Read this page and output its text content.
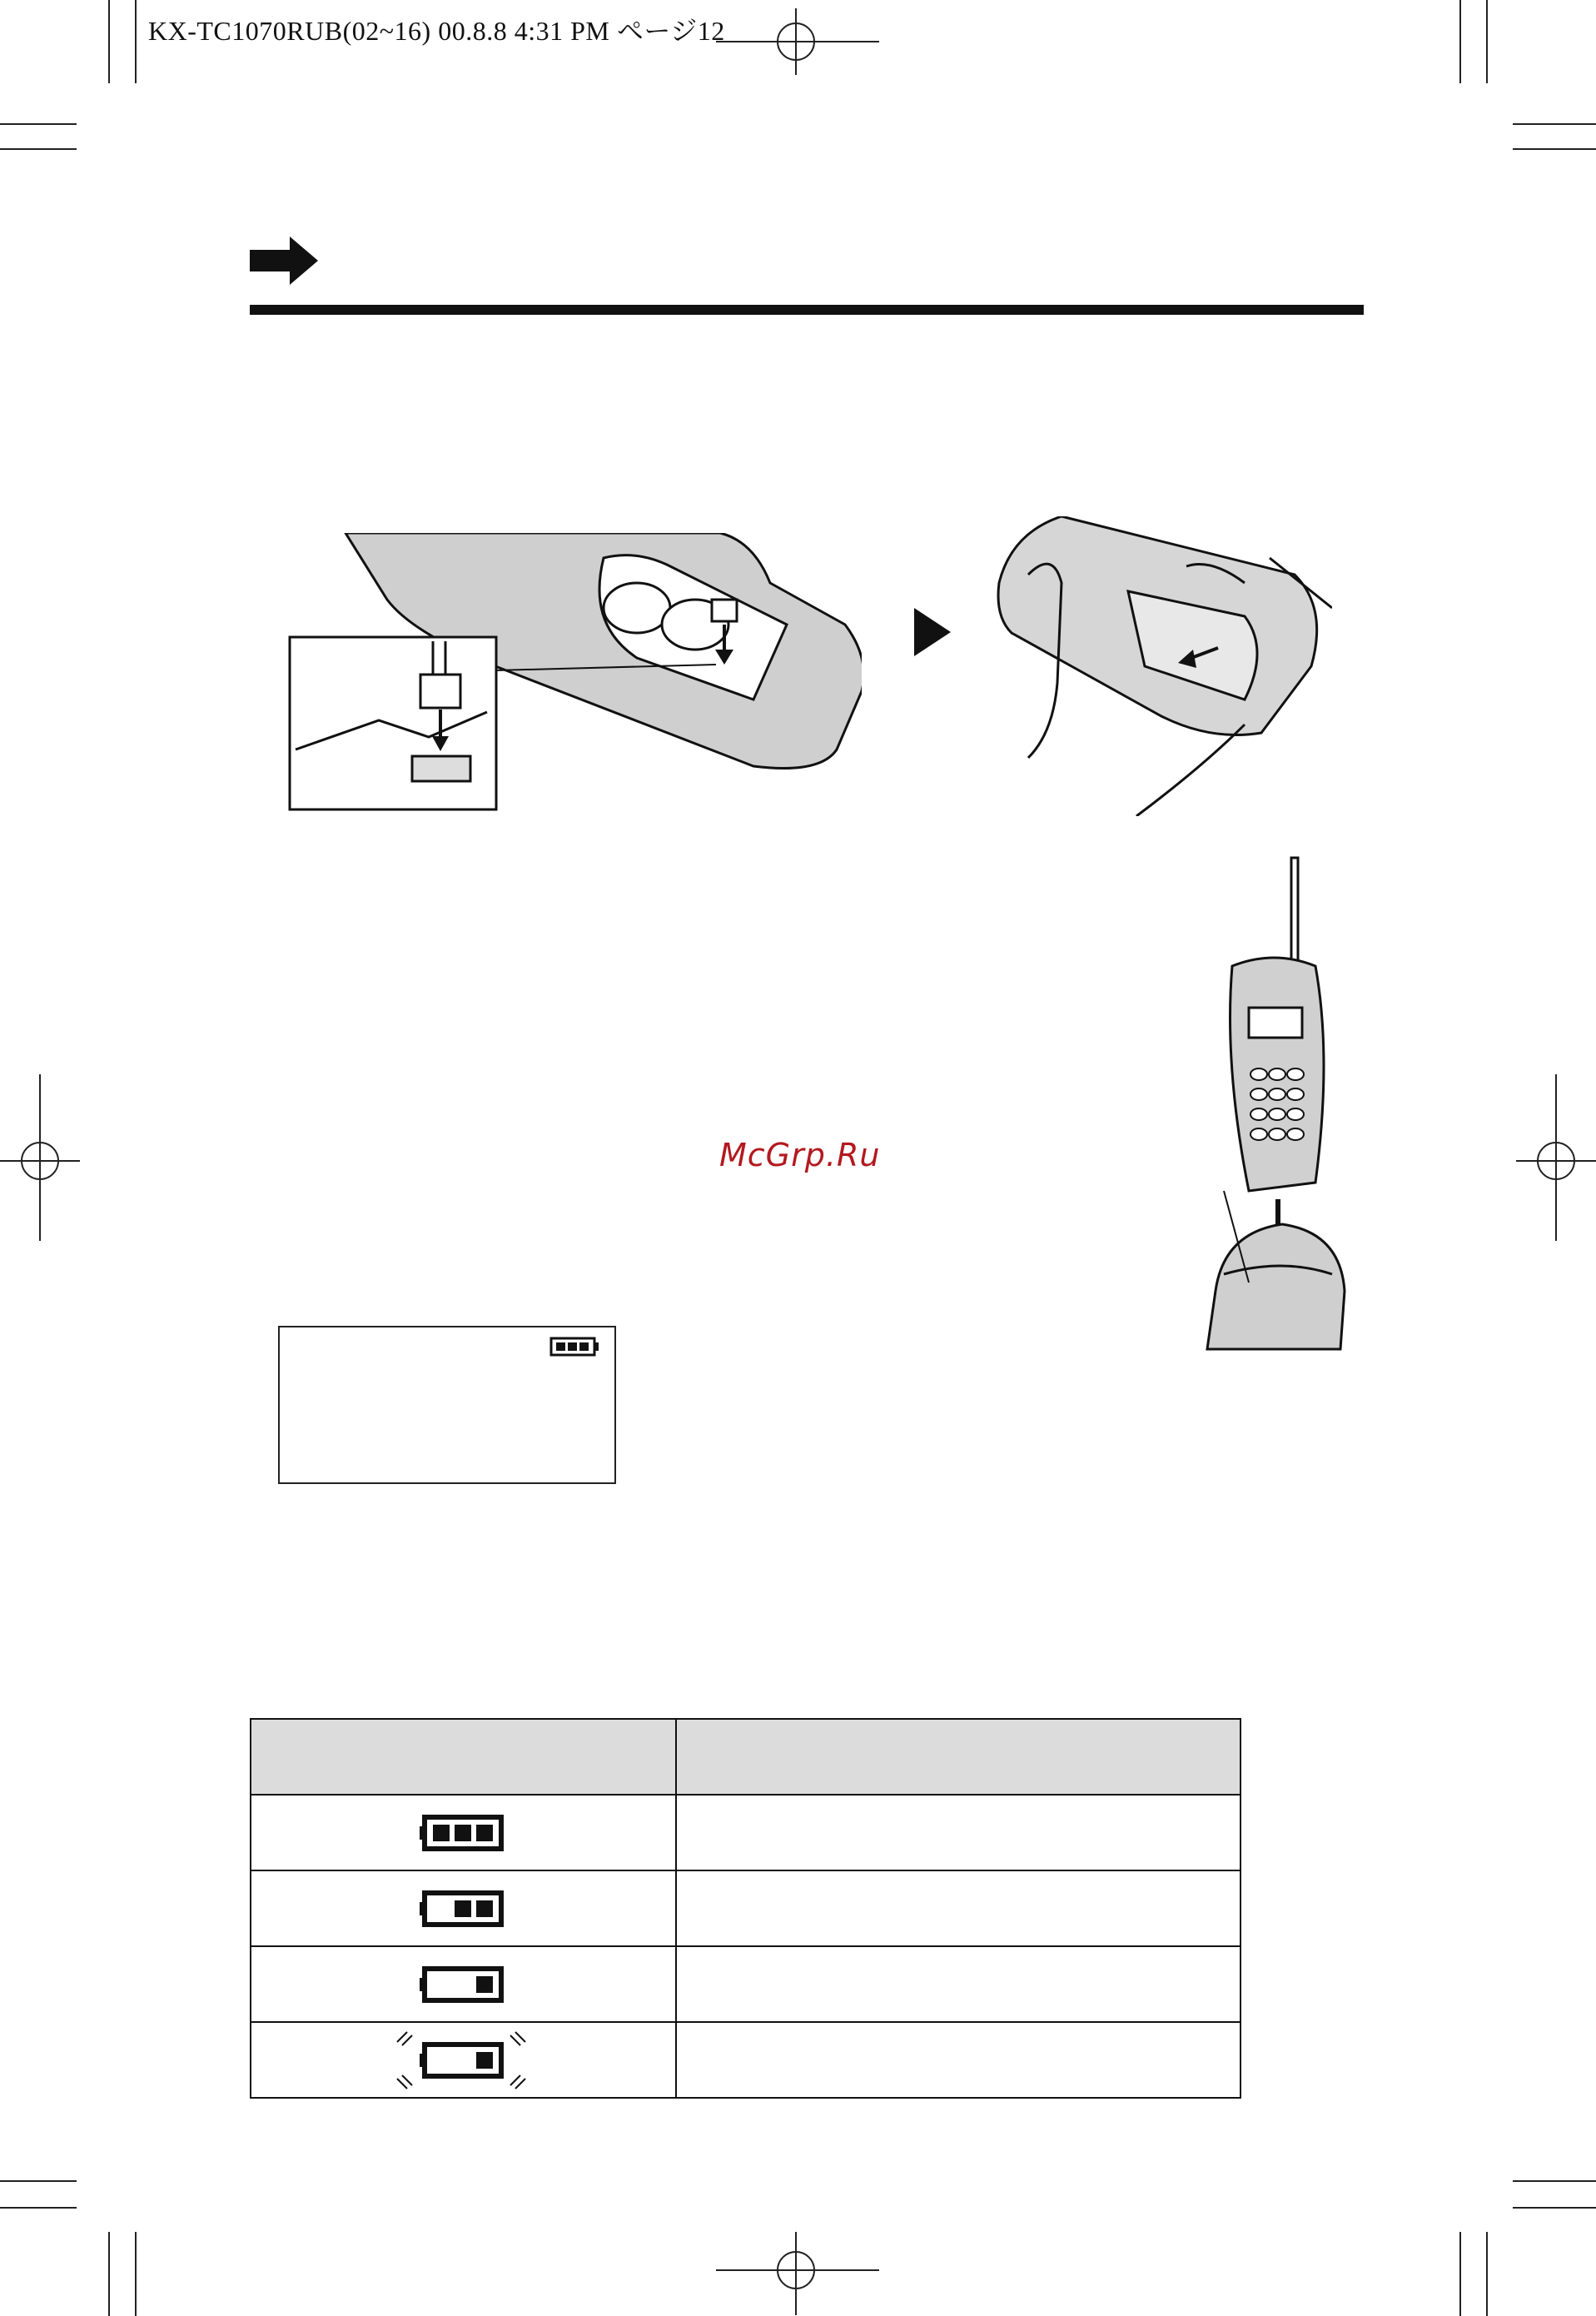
KX-TC1070RUB(02~16) 00.8.8 4:31 PM ページ12
McGrp.Ru
